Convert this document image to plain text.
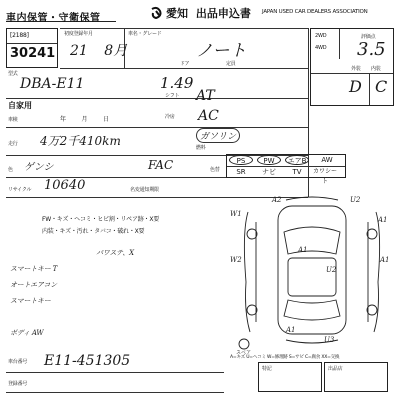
車内保管・守衛保管	愛知 出品申込書 JAPAN USED CAR DEALERS ASSOCIATION
[2188]
30241
初度登録年月
21 8月
車名・グレード
ノート
ドア	定員
型式
DBA-E11	1.49
シフト AT
自家用
車検	年 月 日	冷房 AC
走行 4万2千410km	ガソリン
燃料
ゲンシ
色	FAC	色替
リサイクル 10640	名変通知期限
2WD
4WD
評価点
3.5
外装 内装
D C
PS	PW	エアB	AW
SR	ナビ	TV	カワシート
FW・キズ・ヘコミ・ヒビ割・リペア跡・X要
内装・キズ・汚れ・タバコ・破れ・X要
パワステ、X
スマートキー T
オートエアコン
スマートキー
ボディ AW
A2
W1
U2
A1
W2	A1
U2
A1
U3
A1
スペア
A=キズ U=ヘコミ W=修理跡 S=サビ C=腐食 XX=交換
車台番号 E11-451305
登録番号
特記	出品店
